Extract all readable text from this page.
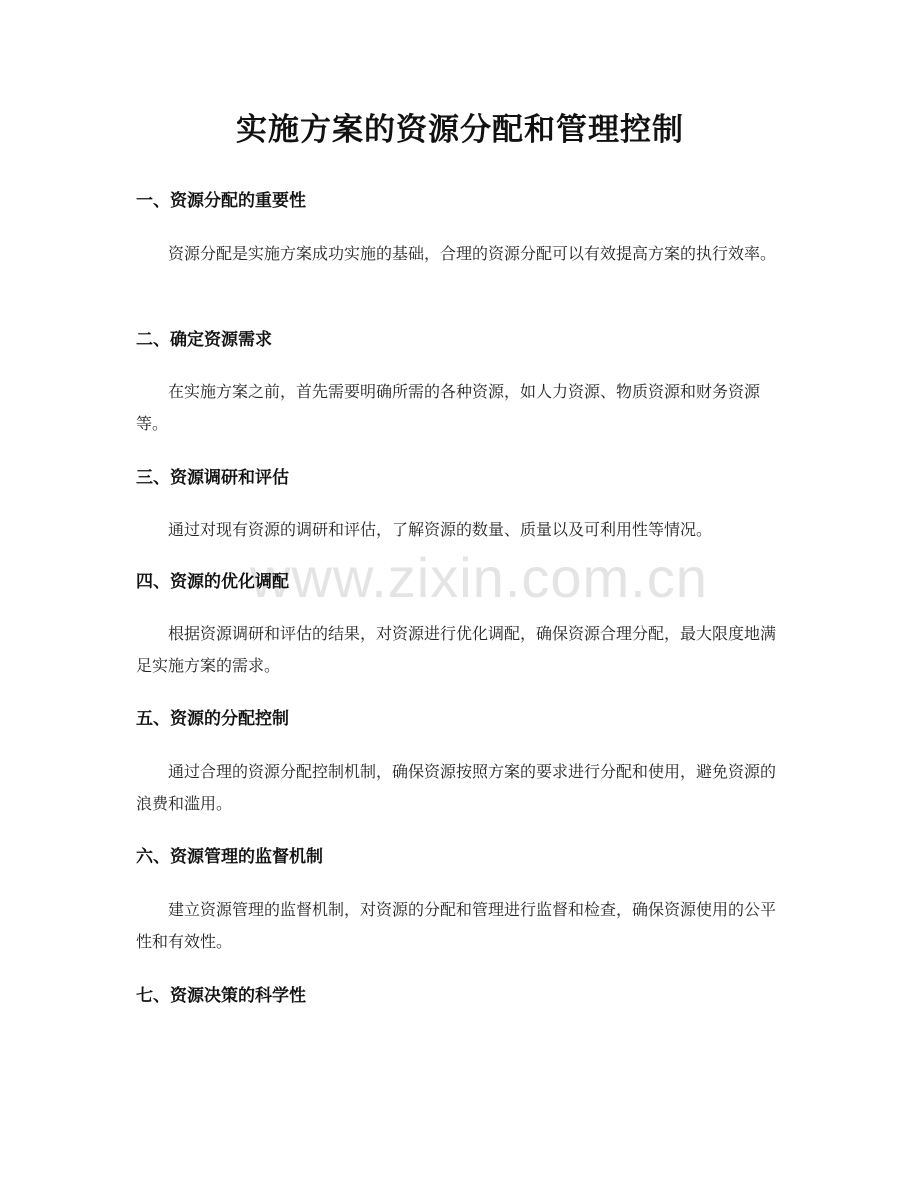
www.zixin.com.cn
实施方案的资源分配和管理控制
一、资源分配的重要性

资源分配是实施方案成功实施的基础，合理的资源分配可以有效提高方案的执行效率。

二、确定资源需求

在实施方案之前，首先需要明确所需的各种资源，如人力资源、物质资源和财务资源等。

三、资源调研和评估

通过对现有资源的调研和评估，了解资源的数量、质量以及可利用性等情况。

四、资源的优化调配

根据资源调研和评估的结果，对资源进行优化调配，确保资源合理分配，最大限度地满足实施方案的需求。

五、资源的分配控制

通过合理的资源分配控制机制，确保资源按照方案的要求进行分配和使用，避免资源的浪费和滥用。

六、资源管理的监督机制

建立资源管理的监督机制，对资源的分配和管理进行监督和检查，确保资源使用的公平性和有效性。

七、资源决策的科学性
